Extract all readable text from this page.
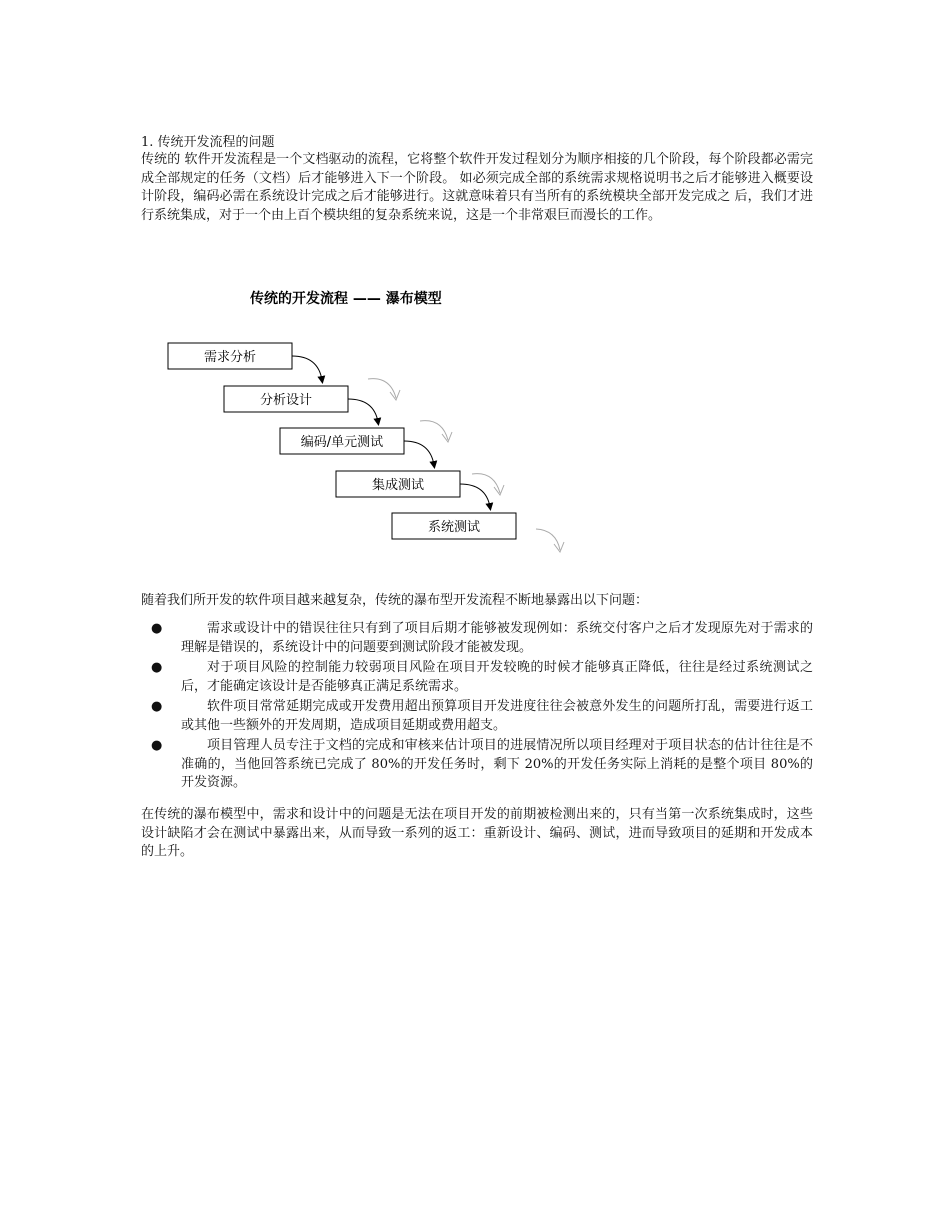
1. 传统开发流程的问题
传统的 软件开发流程是一个文档驱动的流程，它将整个软件开发过程划分为顺序相接的几个阶段，每个阶段都必需完成全部规定的任务（文档）后才能够进入下一个阶段。 如必须完成全部的系统需求规格说明书之后才能够进入概要设计阶段，编码必需在系统设计完成之后才能够进行。这就意味着只有当所有的系统模块全部开发完成之 后，我们才进行系统集成，对于一个由上百个模块组的复杂系统来说，这是一个非常艰巨而漫长的工作。
传统的开发流程 —— 瀑布模型
需求分析
分析设计
编码/单元测试
集成测试
系统测试
随着我们所开发的软件项目越来越复杂，传统的瀑布型开发流程不断地暴露出以下问题：
●	需求或设计中的错误往往只有到了项目后期才能够被发现例如：系统交付客户之后才发现原先对于需求的理解是错误的，系统设计中的问题要到测试阶段才能被发现。
●	对于项目风险的控制能力较弱项目风险在项目开发较晚的时候才能够真正降低，往往是经过系统测试之后，才能确定该设计是否能够真正满足系统需求。
●	软件项目常常延期完成或开发费用超出预算项目开发进度往往会被意外发生的问题所打乱，需要进行返工或其他一些额外的开发周期，造成项目延期或费用超支。
●	项目管理人员专注于文档的完成和审核来估计项目的进展情况所以项目经理对于项目状态的估计往往是不准确的，当他回答系统已完成了 80%的开发任务时，剩下 20%的开发任务实际上消耗的是整个项目 80%的开发资源。
在传统的瀑布模型中，需求和设计中的问题是无法在项目开发的前期被检测出来的，只有当第一次系统集成时，这些设计缺陷才会在测试中暴露出来，从而导致一系列的返工：重新设计、编码、测试，进而导致项目的延期和开发成本的上升。
